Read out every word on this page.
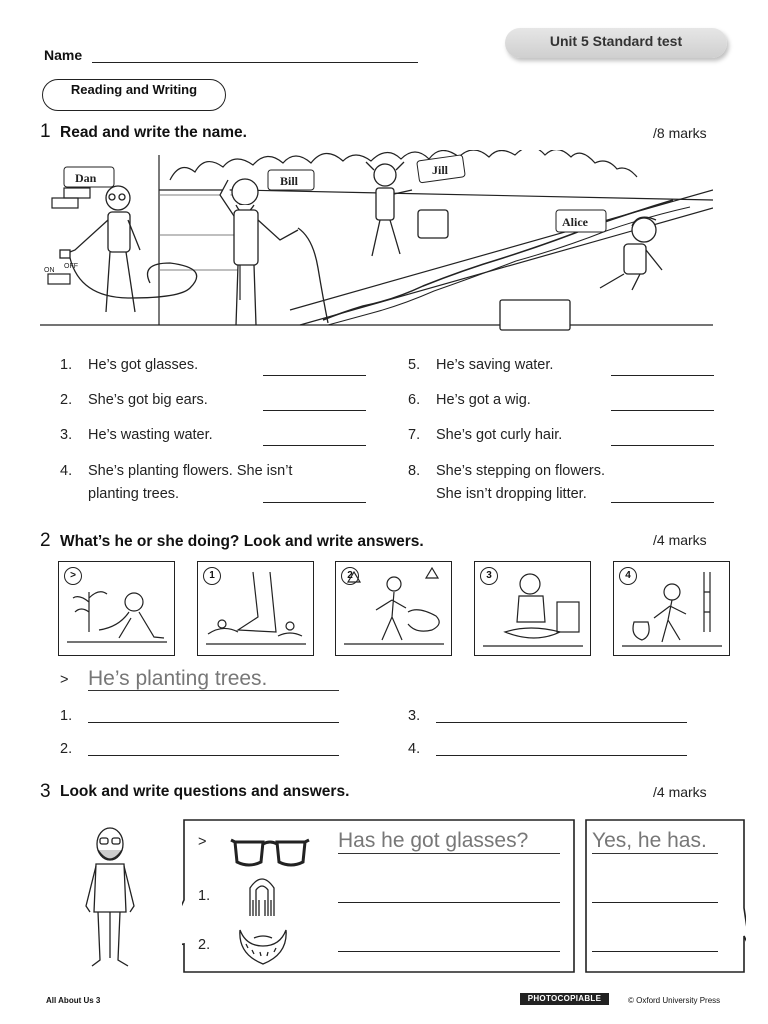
Name
Unit 5 Standard test
Reading and Writing
1 Read and write the name.	/8 marks
Dan	Bill
Jill
Alice
ON
OFF
1. He’s got glasses.
2. She’s got big ears.
3. He’s wasting water.
4. She’s planting flowers. She isn’t
planting trees.
5. He’s saving water.
6. He’s got a wig.
7. She’s got curly hair.
8. She’s stepping on flowers.
She isn’t dropping litter.
2 What’s he or she doing? Look and write answers.	/4 marks
>	1	2	3	4
> He’s planting trees.
1.
2.
3.
4.
3 Look and write questions and answers.	/4 marks
>	Has he got glasses?	Yes, he has.
1.
2.
All About Us 3	PHOTOCOPIABLE	© Oxford University Press
